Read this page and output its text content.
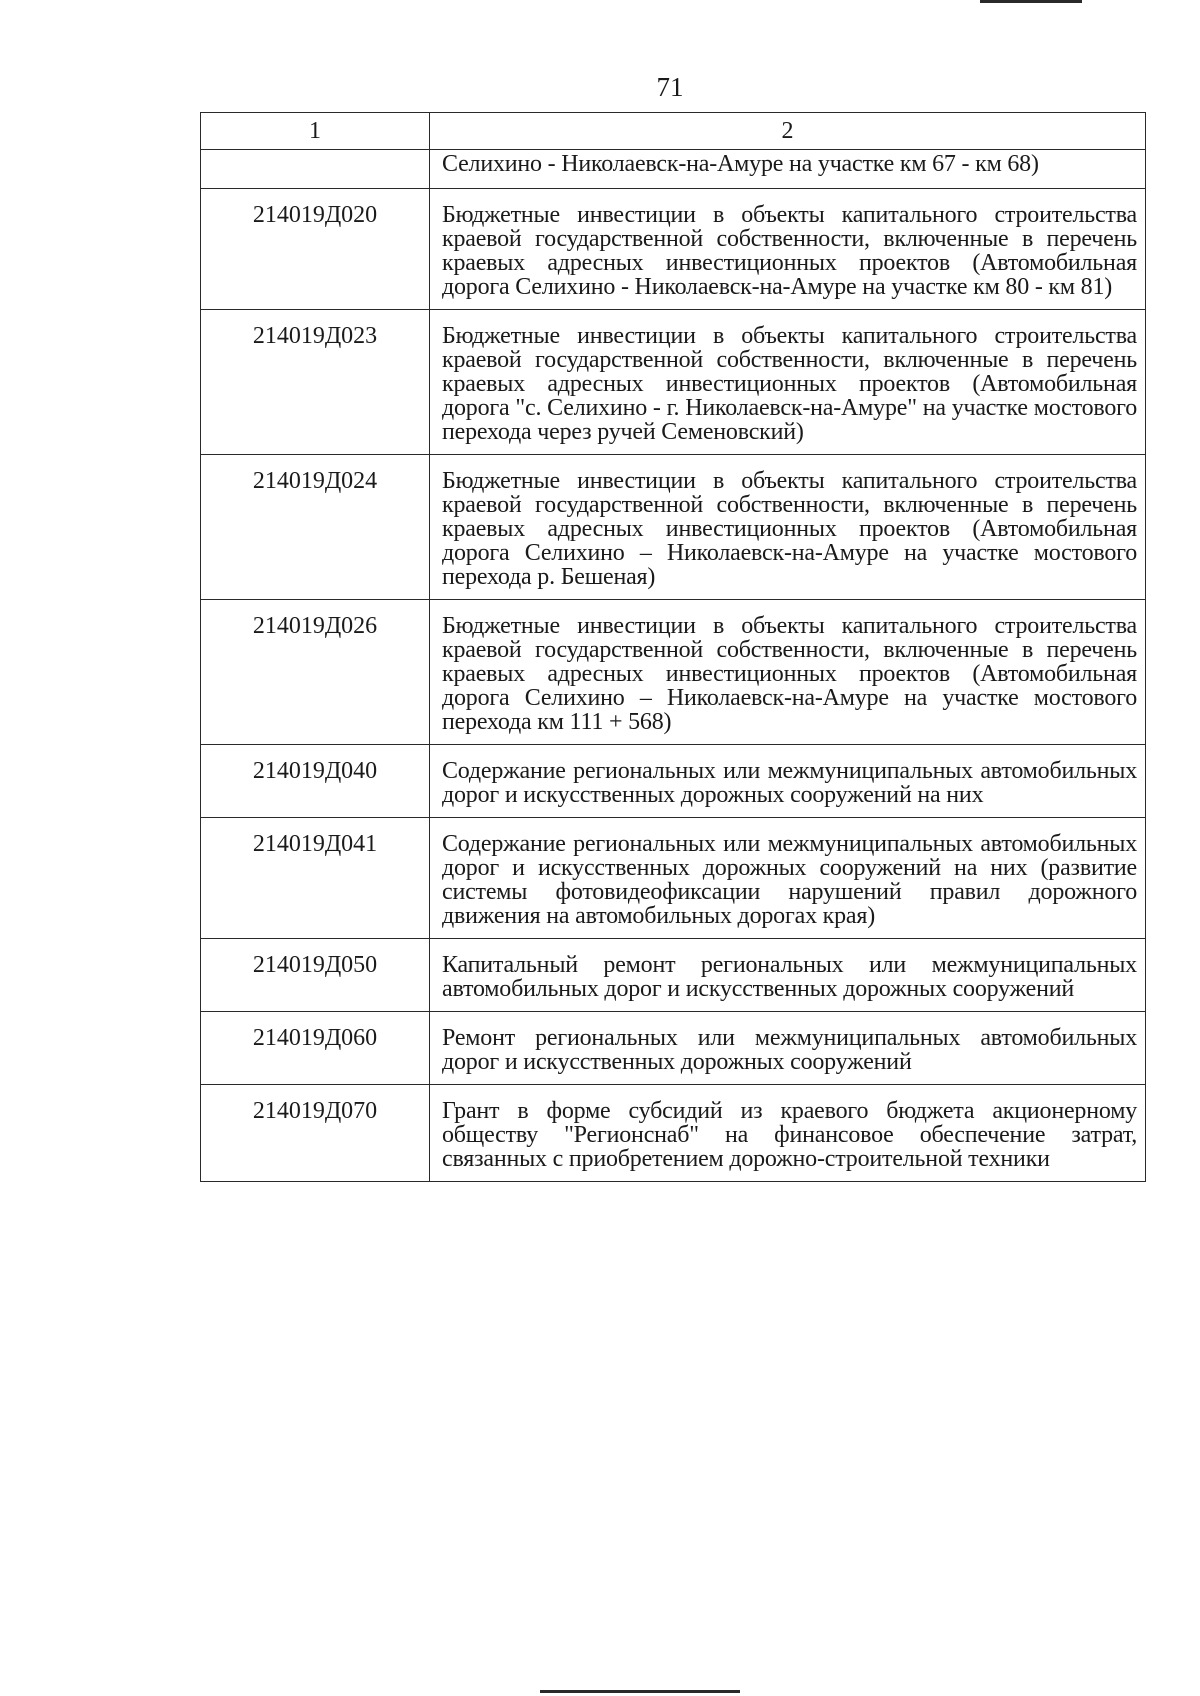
71
1	2
	Селихино - Николаевск-на-Амуре на участке км 67 - км 68)
214019Д020	Бюджетные инвестиции в объекты капитального строительства краевой государственной собственности, включенные в перечень краевых адресных инвестиционных проектов (Автомобильная дорога Селихино - Николаевск-на-Амуре на участке км 80 - км 81)
214019Д023	Бюджетные инвестиции в объекты капитального строительства краевой государственной собственности, включенные в перечень краевых адресных инвестиционных проектов (Автомобильная дорога "с. Селихино - г. Николаевск-на-Амуре" на участке мостового перехода через ручей Семеновский)
214019Д024	Бюджетные инвестиции в объекты капитального строительства краевой государственной собственности, включенные в перечень краевых адресных инвестиционных проектов (Автомобильная дорога Селихино – Николаевск-на-Амуре на участке мостового перехода р. Бешеная)
214019Д026	Бюджетные инвестиции в объекты капитального строительства краевой государственной собственности, включенные в перечень краевых адресных инвестиционных проектов (Автомобильная дорога Селихино – Николаевск-на-Амуре на участке мостового перехода км 111 + 568)
214019Д040	Содержание региональных или межмуниципальных автомобильных дорог и искусственных дорожных сооружений на них
214019Д041	Содержание региональных или межмуниципальных автомобильных дорог и искусственных дорожных сооружений на них (развитие системы фотовидеофиксации нарушений правил дорожного движения на автомобильных дорогах края)
214019Д050	Капитальный ремонт региональных или межмуниципальных автомобильных дорог и искусственных дорожных сооружений
214019Д060	Ремонт региональных или межмуниципальных автомобильных дорог и искусственных дорожных сооружений
214019Д070	Грант в форме субсидий из краевого бюджета акционерному обществу "Регионснаб" на финансовое обеспечение затрат, связанных с приобретением дорожно-строительной техники
